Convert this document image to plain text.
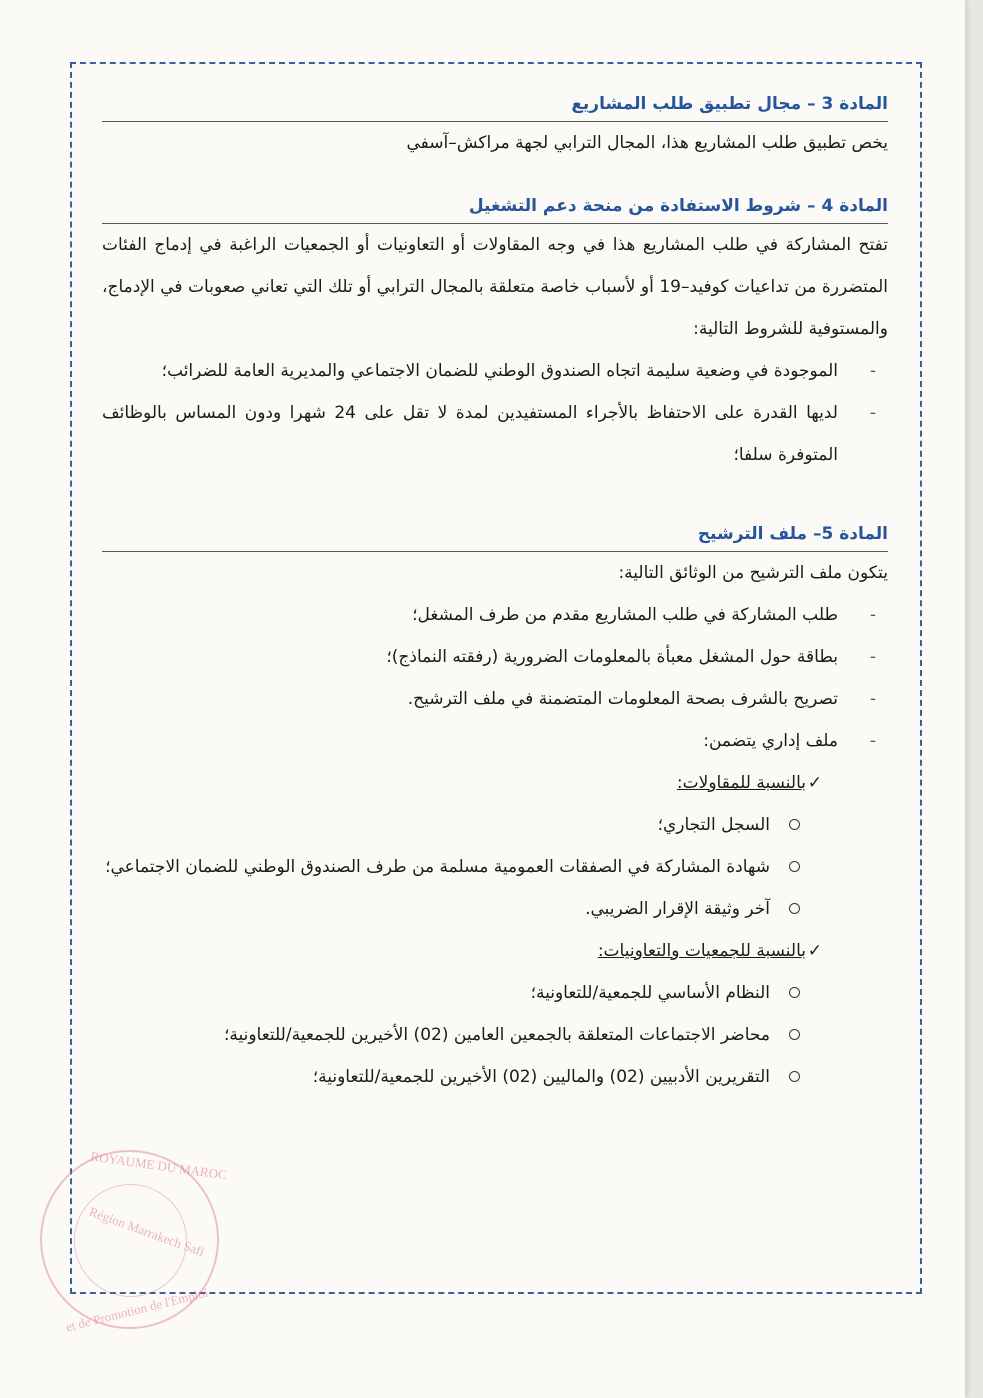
ROYAUME DU MAROC
Région Marrakech Safi
et de Promotion de l'Emploi
المادة 3 – مجال تطبيق طلب المشاريع

يخص تطبيق طلب المشاريع هذا، المجال الترابي لجهة مراكش–آسفي

المادة 4 – شروط الاستفادة من منحة دعم التشغيل

تفتح المشاركة في طلب المشاريع هذا في وجه المقاولات أو التعاونيات أو الجمعيات الراغبة في إدماج الفئات المتضررة من تداعيات كوفيد–19 أو لأسباب خاصة متعلقة بالمجال الترابي أو تلك التي تعاني صعوبات في الإدماج، والمستوفية للشروط التالية:

-
الموجودة في وضعية سليمة اتجاه الصندوق الوطني للضمان الاجتماعي والمديرية العامة للضرائب؛
-
لديها القدرة على الاحتفاظ بالأجراء المستفيدين لمدة لا تقل على 24 شهرا ودون المساس بالوظائف المتوفرة سلفا؛
المادة 5– ملف الترشيح

يتكون ملف الترشيح من الوثائق التالية:

-
طلب المشاركة في طلب المشاريع مقدم من طرف المشغل؛
-
بطاقة حول المشغل معبأة بالمعلومات الضرورية (رفقته النماذج)؛
-
تصريح بالشرف بصحة المعلومات المتضمنة في ملف الترشيح.
-
ملف إداري يتضمن:
✓
بالنسبة للمقاولات:
السجل التجاري؛
شهادة المشاركة في الصفقات العمومية مسلمة من طرف الصندوق الوطني للضمان الاجتماعي؛
آخر وثيقة الإقرار الضريبي.
✓
بالنسبة للجمعيات والتعاونيات:
النظام الأساسي للجمعية/للتعاونية؛
محاضر الاجتماعات المتعلقة بالجمعين العامين (02) الأخيرين للجمعية/للتعاونية؛
التقريرين الأدبيين (02) والماليين (02) الأخيرين للجمعية/للتعاونية؛
